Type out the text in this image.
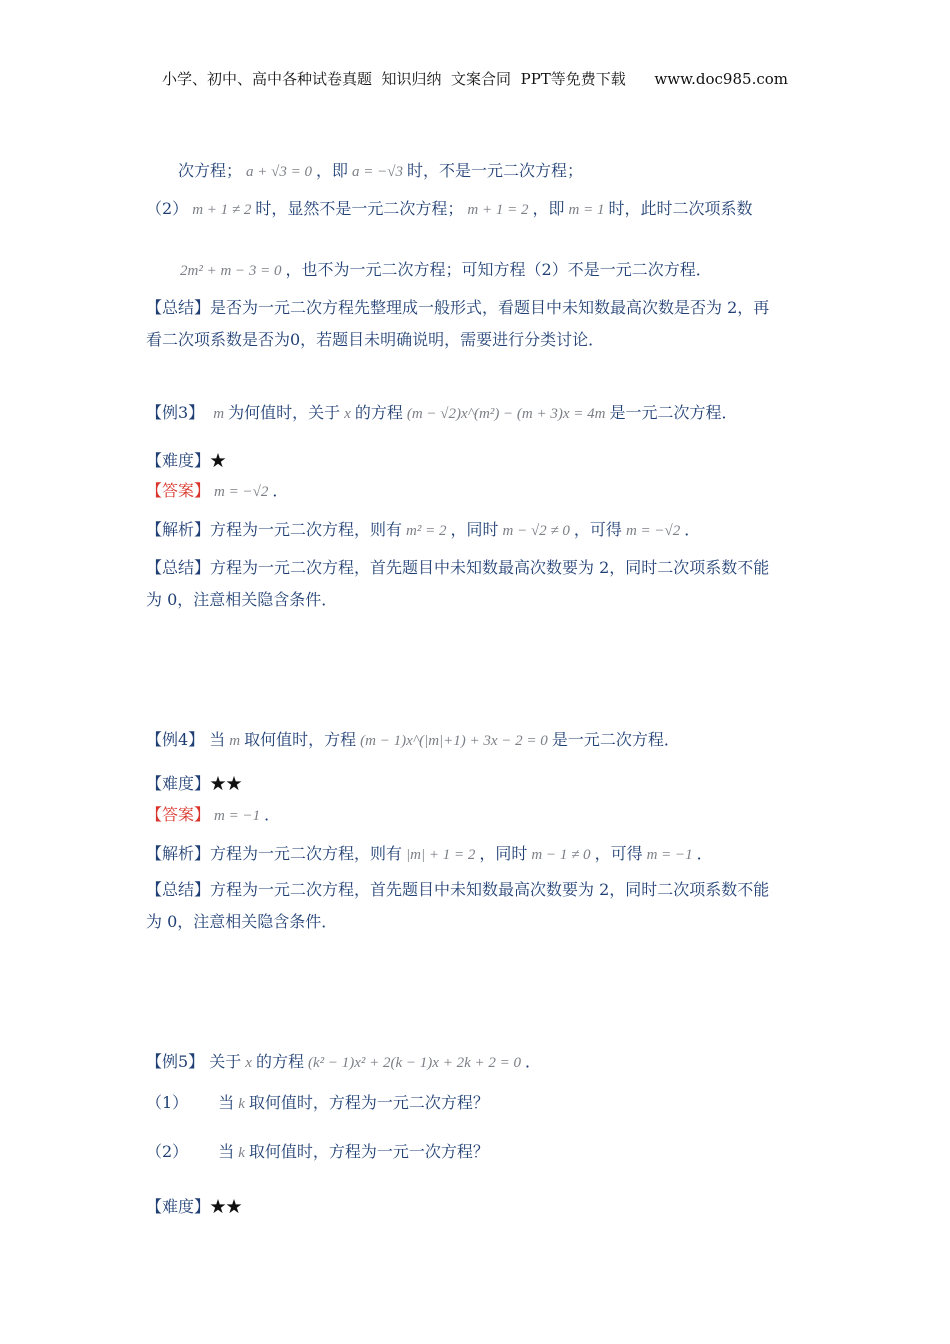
小学、初中、高中各种试卷真题  知识归纳  文案合同  PPT等免费下载      www.doc985.com
次方程； a + √3 = 0 ，即 a = −√3 时，不是一元二次方程；
（2） m + 1 ≠ 2 时，显然不是一元二次方程； m + 1 = 2 ，即 m = 1 时，此时二次项系数
2m² + m − 3 = 0 ，也不为一元二次方程；可知方程（2）不是一元二次方程．
【总结】是否为一元二次方程先整理成一般形式，看题目中未知数最高次数是否为 2，再
看二次项系数是否为0，若题目未明确说明，需要进行分类讨论．
【例3】 m 为何值时，关于 x 的方程 (m − √2)x^(m²) − (m + 3)x = 4m 是一元二次方程．
【难度】★
【答案】 m = −√2 ．
【解析】方程为一元二次方程，则有 m² = 2 ，同时 m − √2 ≠ 0 ，可得 m = −√2 ．
【总结】方程为一元二次方程，首先题目中未知数最高次数要为 2，同时二次项系数不能
为 0，注意相关隐含条件．
【例4】 当 m 取何值时，方程 (m − 1)x^(|m|+1) + 3x − 2 = 0 是一元二次方程．
【难度】★★
【答案】 m = −1 ．
【解析】方程为一元二次方程，则有 |m| + 1 = 2 ，同时 m − 1 ≠ 0 ，可得 m = −1 ．
【总结】方程为一元二次方程，首先题目中未知数最高次数要为 2，同时二次项系数不能
为 0，注意相关隐含条件．
【例5】 关于 x 的方程 (k² − 1)x² + 2(k − 1)x + 2k + 2 = 0 ．
（1） 当 k 取何值时，方程为一元二次方程？
（2） 当 k 取何值时，方程为一元一次方程？
【难度】★★
